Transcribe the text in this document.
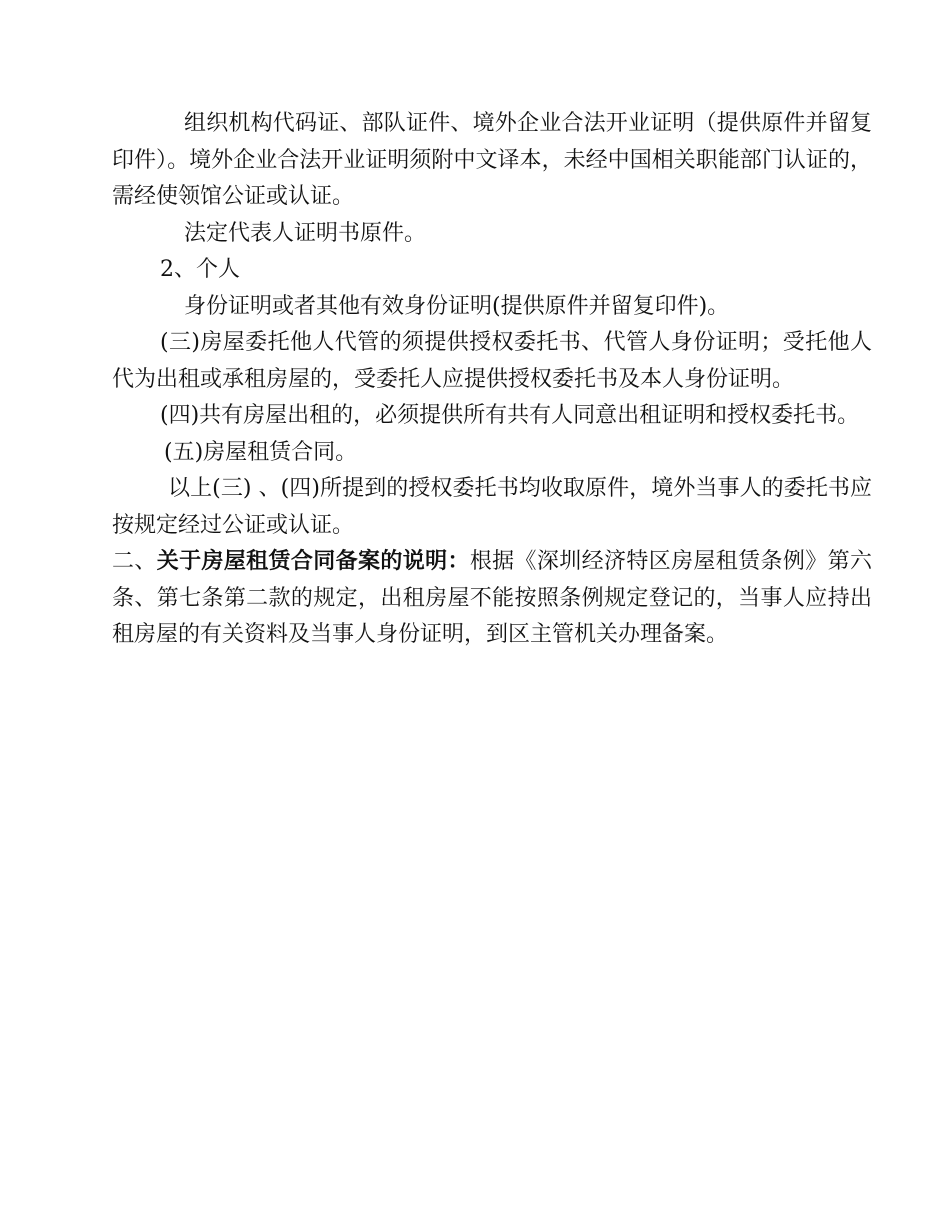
组织机构代码证、部队证件、境外企业合法开业证明（提供原件并留复印件）。境外企业合法开业证明须附中文译本，未经中国相关职能部门认证的，需经使领馆公证或认证。

法定代表人证明书原件。

2、个人

身份证明或者其他有效身份证明(提供原件并留复印件)。

(三)房屋委托他人代管的须提供授权委托书、代管人身份证明；受托他人代为出租或承租房屋的，受委托人应提供授权委托书及本人身份证明。

(四)共有房屋出租的，必须提供所有共有人同意出租证明和授权委托书。

(五)房屋租赁合同。

以上(三) 、(四)所提到的授权委托书均收取原件，境外当事人的委托书应按规定经过公证或认证。

二、关于房屋租赁合同备案的说明：根据《深圳经济特区房屋租赁条例》第六条、第七条第二款的规定，出租房屋不能按照条例规定登记的，当事人应持出租房屋的有关资料及当事人身份证明，到区主管机关办理备案。
